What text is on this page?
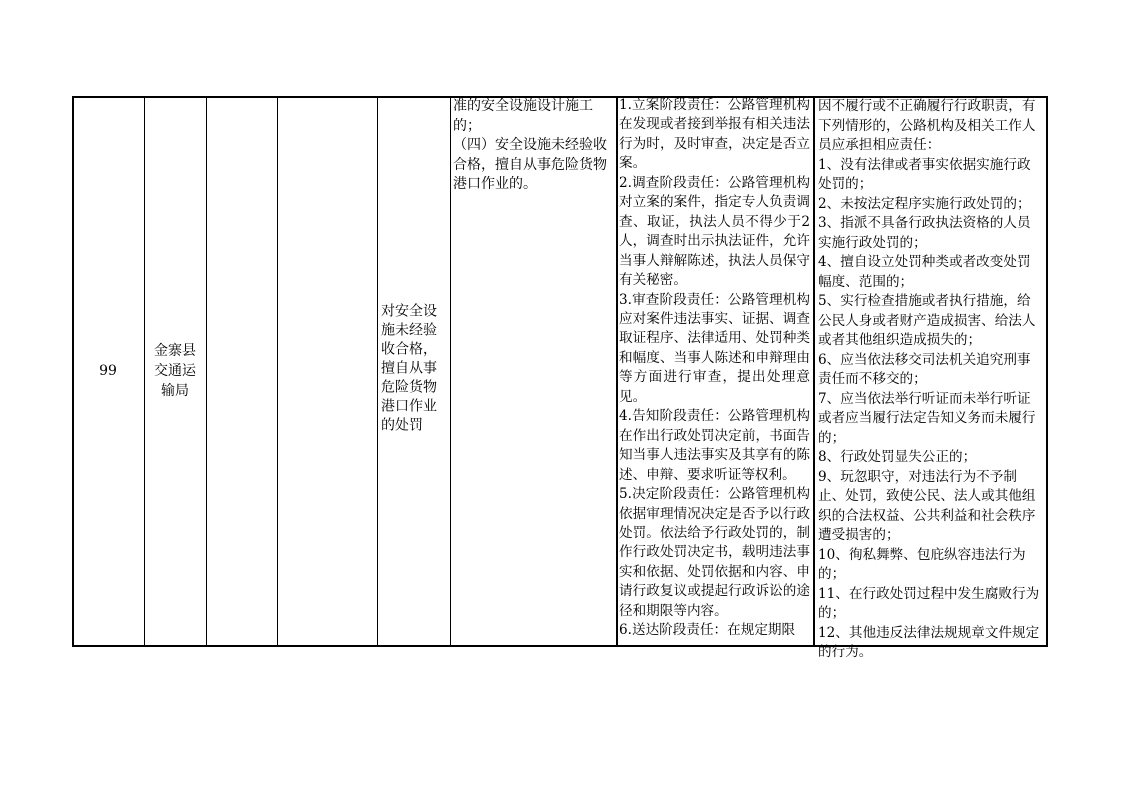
99
金寨县交通运输局
对安全设施未经验收合格，擅自从事危险货物港口作业的处罚

准的安全设施设计施工的；

（四）安全设施未经验收合格，擅自从事危险货物港口作业的。

1.立案阶段责任：公路管理机构在发现或者接到举报有相关违法行为时，及时审查，决定是否立案。

2.调查阶段责任：公路管理机构对立案的案件，指定专人负责调查、取证，执法人员不得少于2人，调查时出示执法证件，允许当事人辩解陈述，执法人员保守有关秘密。

3.审查阶段责任：公路管理机构应对案件违法事实、证据、调查取证程序、法律适用、处罚种类和幅度、当事人陈述和申辩理由等方面进行审查，提出处理意见。

4.告知阶段责任：公路管理机构在作出行政处罚决定前，书面告知当事人违法事实及其享有的陈述、申辩、要求听证等权利。

5.决定阶段责任：公路管理机构依据审理情况决定是否予以行政处罚。依法给予行政处罚的，制作行政处罚决定书，载明违法事实和依据、处罚依据和内容、申请行政复议或提起行政诉讼的途径和期限等内容。

6.送达阶段责任：在规定期限

因不履行或不正确履行行政职责，有下列情形的，公路机构及相关工作人员应承担相应责任：

1、没有法律或者事实依据实施行政处罚的；

2、未按法定程序实施行政处罚的；

3、指派不具备行政执法资格的人员实施行政处罚的；

4、擅自设立处罚种类或者改变处罚幅度、范围的；

5、实行检查措施或者执行措施，给公民人身或者财产造成损害、给法人或者其他组织造成损失的；

6、应当依法移交司法机关追究刑事责任而不移交的；

7、应当依法举行听证而未举行听证或者应当履行法定告知义务而未履行的；

8、行政处罚显失公正的；

9、玩忽职守，对违法行为不予制止、处罚，致使公民、法人或其他组织的合法权益、公共利益和社会秩序遭受损害的；

10、徇私舞弊、包庇纵容违法行为的；

11、在行政处罚过程中发生腐败行为的；

12、其他违反法律法规规章文件规定的行为。
